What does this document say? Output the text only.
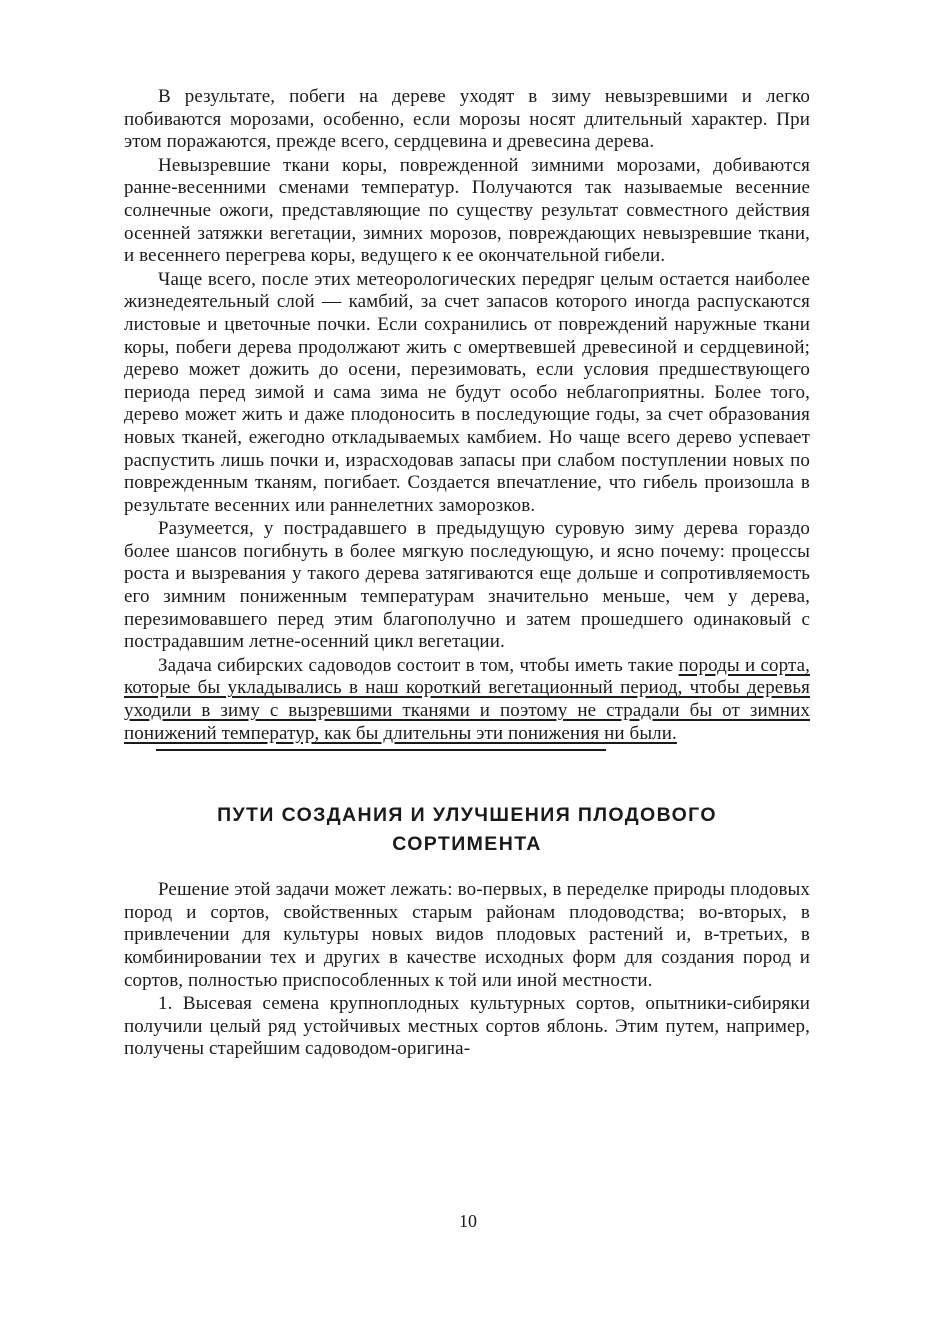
В результате, побеги на дереве уходят в зиму невызревшими и легко побиваются морозами, особенно, если морозы носят длительный характер. При этом поражаются, прежде всего, сердцевина и древесина дерева.

Невызревшие ткани коры, поврежденной зимними морозами, добиваются ранне-весенними сменами температур. Получаются так называемые весенние солнечные ожоги, представляющие по существу результат совместного действия осенней затяжки вегетации, зимних морозов, повреждающих невызревшие ткани, и весеннего перегрева коры, ведущего к ее окончательной гибели.

Чаще всего, после этих метеорологических передряг целым остается наиболее жизнедеятельный слой — камбий, за счет запасов которого иногда распускаются листовые и цветочные почки. Если сохранились от повреждений наружные ткани коры, побеги дерева продолжают жить с омертвевшей древесиной и сердцевиной; дерево может дожить до осени, перезимовать, если условия предшествующего периода перед зимой и сама зима не будут особо неблагоприятны. Более того, дерево может жить и даже плодоносить в последующие годы, за счет образования новых тканей, ежегодно откладываемых камбием. Но чаще всего дерево успевает распустить лишь почки и, израсходовав запасы при слабом поступлении новых по поврежденным тканям, погибает. Создается впечатление, что гибель произошла в результате весенних или раннелетних заморозков.

Разумеется, у пострадавшего в предыдущую суровую зиму дерева гораздо более шансов погибнуть в более мягкую последующую, и ясно почему: процессы роста и вызревания у такого дерева затягиваются еще дольше и сопротивляемость его зимним пониженным температурам значительно меньше, чем у дерева, перезимовавшего перед этим благополучно и затем прошедшего одинаковый с пострадавшим летне-осенний цикл вегетации.

Задача сибирских садоводов состоит в том, чтобы иметь такие породы и сорта, которые бы укладывались в наш короткий вегетационный период, чтобы деревья уходили в зиму с вызревшими тканями и поэтому не страдали бы от зимних понижений температур, как бы длительны эти понижения ни были.

ПУТИ СОЗДАНИЯ И УЛУЧШЕНИЯ ПЛОДОВОГО
СОРТИМЕНТА

Решение этой задачи может лежать: во-первых, в переделке природы плодовых пород и сортов, свойственных старым районам плодоводства; во-вторых, в привлечении для культуры новых видов плодовых растений и, в-третьих, в комбинировании тех и других в качестве исходных форм для создания пород и сортов, полностью приспособленных к той или иной местности.

1. Высевая семена крупноплодных культурных сортов, опытники-сибиряки получили целый ряд устойчивых местных сортов яблонь. Этим путем, например, получены старейшим садоводом-оригина-

10
